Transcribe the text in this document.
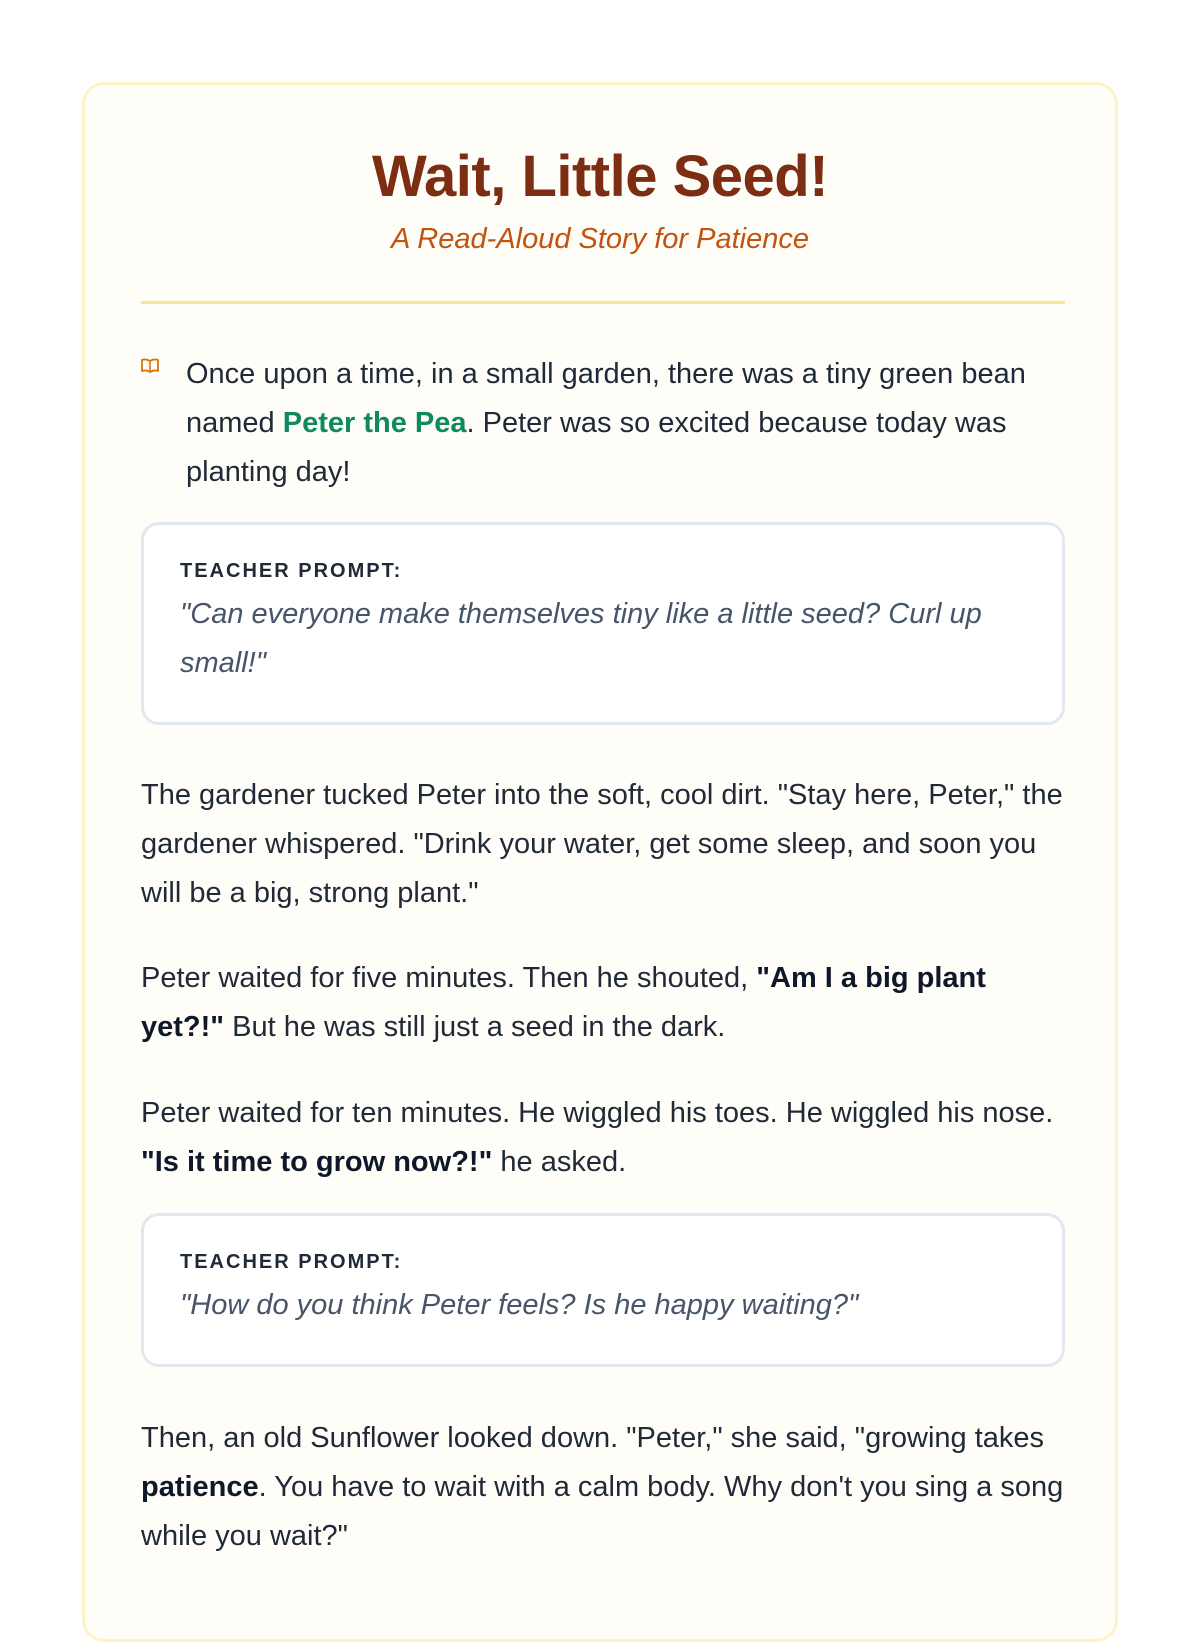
Wait, Little Seed!

A Read-Aloud Story for Patience

Once upon a time, in a small garden, there was a tiny green bean named Peter the Pea. Peter was so excited because today was planting day!

TEACHER PROMPT:
"Can everyone make themselves tiny like a little seed? Curl up small!"

The gardener tucked Peter into the soft, cool dirt. "Stay here, Peter," the gardener whispered. "Drink your water, get some sleep, and soon you will be a big, strong plant."

Peter waited for five minutes. Then he shouted, "Am I a big plant yet?!" But he was still just a seed in the dark.

Peter waited for ten minutes. He wiggled his toes. He wiggled his nose. "Is it time to grow now?!" he asked.

TEACHER PROMPT:
"How do you think Peter feels? Is he happy waiting?"

Then, an old Sunflower looked down. "Peter," she said, "growing takes patience. You have to wait with a calm body. Why don't you sing a song while you wait?"
